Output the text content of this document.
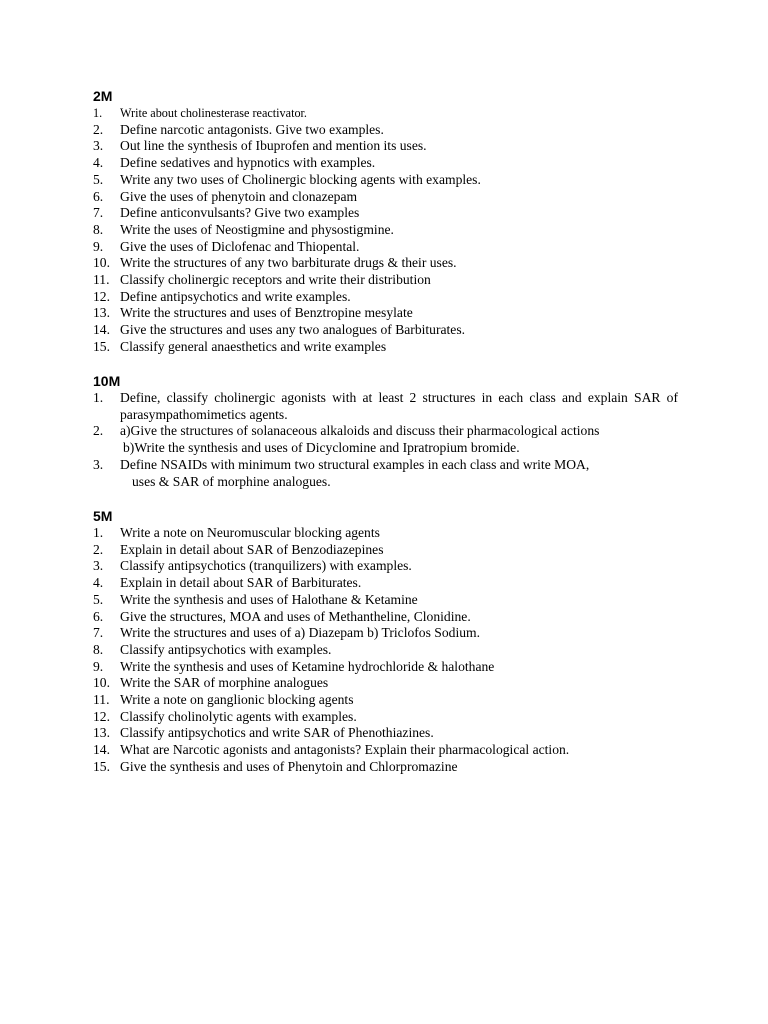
2M
1. Write about cholinesterase reactivator.
2. Define narcotic antagonists. Give two examples.
3. Out line the synthesis of Ibuprofen and mention its uses.
4. Define sedatives and hypnotics with examples.
5. Write any two uses of Cholinergic blocking agents with examples.
6. Give the uses of phenytoin and clonazepam
7. Define anticonvulsants? Give two examples
8. Write the uses of Neostigmine and physostigmine.
9. Give the uses of Diclofenac and Thiopental.
10. Write the structures of any two barbiturate drugs & their uses.
11. Classify cholinergic receptors and write their distribution
12. Define antipsychotics and write examples.
13. Write the structures and uses of Benztropine mesylate
14. Give the structures and uses any two analogues of Barbiturates.
15. Classify general anaesthetics and write examples
10M
1. Define, classify cholinergic agonists with at least 2 structures in each class and explain SAR of parasympathomimetics agents.
2. a)Give the structures of solanaceous alkaloids and discuss their pharmacological actions
b)Write the synthesis and uses of Dicyclomine and Ipratropium bromide.
3. Define NSAIDs with minimum two structural examples in each class and write MOA,
uses & SAR of morphine analogues.
5M
1. Write a note on Neuromuscular blocking agents
2. Explain in detail about SAR of Benzodiazepines
3. Classify antipsychotics (tranquilizers) with examples.
4. Explain in detail about SAR of Barbiturates.
5. Write the synthesis and uses of Halothane & Ketamine
6. Give the structures, MOA and uses of Methantheline, Clonidine.
7. Write the structures and uses of a) Diazepam b) Triclofos Sodium.
8. Classify antipsychotics with examples.
9. Write the synthesis and uses of Ketamine hydrochloride & halothane
10. Write the SAR of morphine analogues
11. Write a note on ganglionic blocking agents
12. Classify cholinolytic agents with examples.
13. Classify antipsychotics and write SAR of Phenothiazines.
14. What are Narcotic agonists and antagonists? Explain their pharmacological action.
15. Give the synthesis and uses of Phenytoin and Chlorpromazine
